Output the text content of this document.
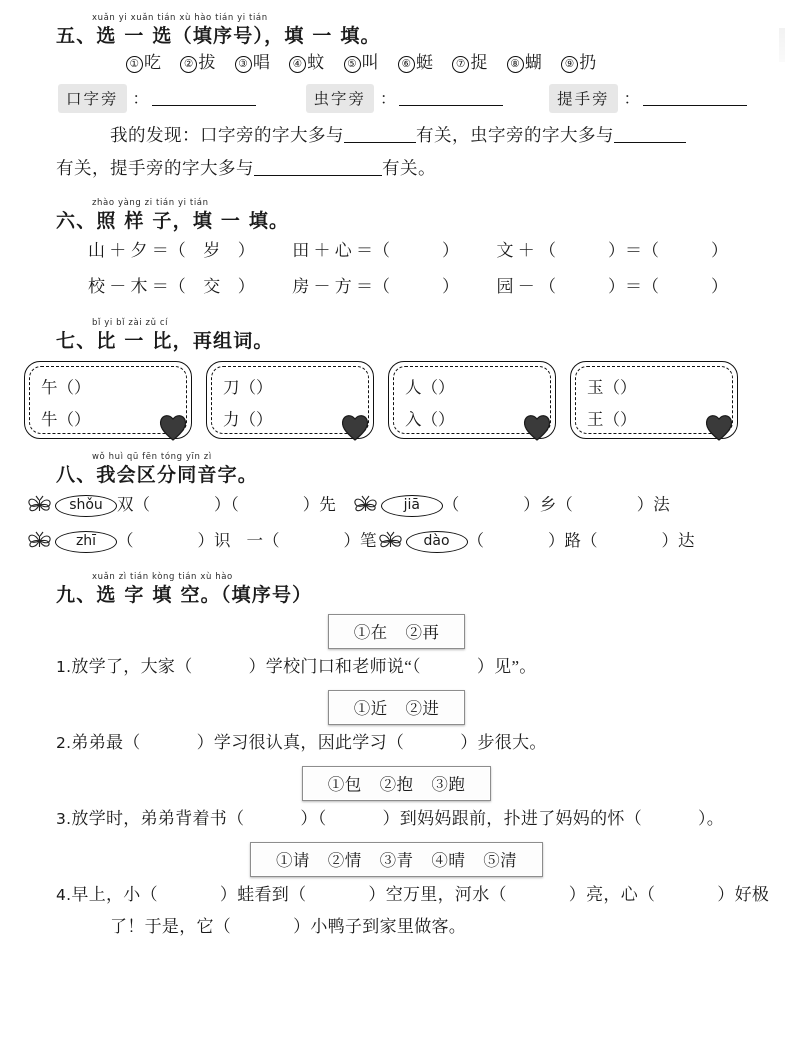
xuǎn yi xuǎn tián xù hào tián yi tián
五、选 一 选（填序号），填 一 填。
① 吃 ② 拔 ③ 唱 ④ 蚊 ⑤ 叫 ⑥ 蜓 ⑦ 捉 ⑧ 蝴 ⑨ 扔
口字旁 ：	虫字旁 ：	提手旁 ：
我的发现：口字旁的字大多与	有关，虫字旁的字大多与
有关，提手旁的字大多与	有关。
zhào yàng zi tián yi tián
六、照 样 子，填 一 填。
山 ＋ 夕 ＝（ 岁 ） 田 ＋ 心 ＝（	） 文 ＋ （	）＝（	）
校 － 木 ＝（ 交 ） 房 － 方 ＝（	） 园 － （	）＝（	）
bǐ yi bǐ zài zǔ cí
七、比 一 比，再组词。
午（

）
牛（

）
刀（

）
力（

）
人（

）
入（

）
玉（

）
王（

）
wǒ huì qū fēn tóng yīn zì
八、我会区分同音字。
shǒu 双（	）（	）先	jiā （	）乡（	）法
zhī （	）识 一（	）笔	dào （	）路（	）达
xuǎn zì tián kòng tián xù hào
九、选 字 填 空。（填序号）
①在 ②再
1.放学了，大家（	）学校门口和老师说“（	）见”。
①近 ②进
2.弟弟最（	）学习很认真，因此学习（	）步很大。
①包 ②抱 ③跑
3.放学时，弟弟背着书（	）（	）到妈妈跟前，扑进了妈妈的怀（	）。
①请 ②情 ③青 ④晴 ⑤清
4.早上，小（	）蛙看到（	）空万里，河水（	）亮，心（	）好极
了！于是，它（	）小鸭子到家里做客。
